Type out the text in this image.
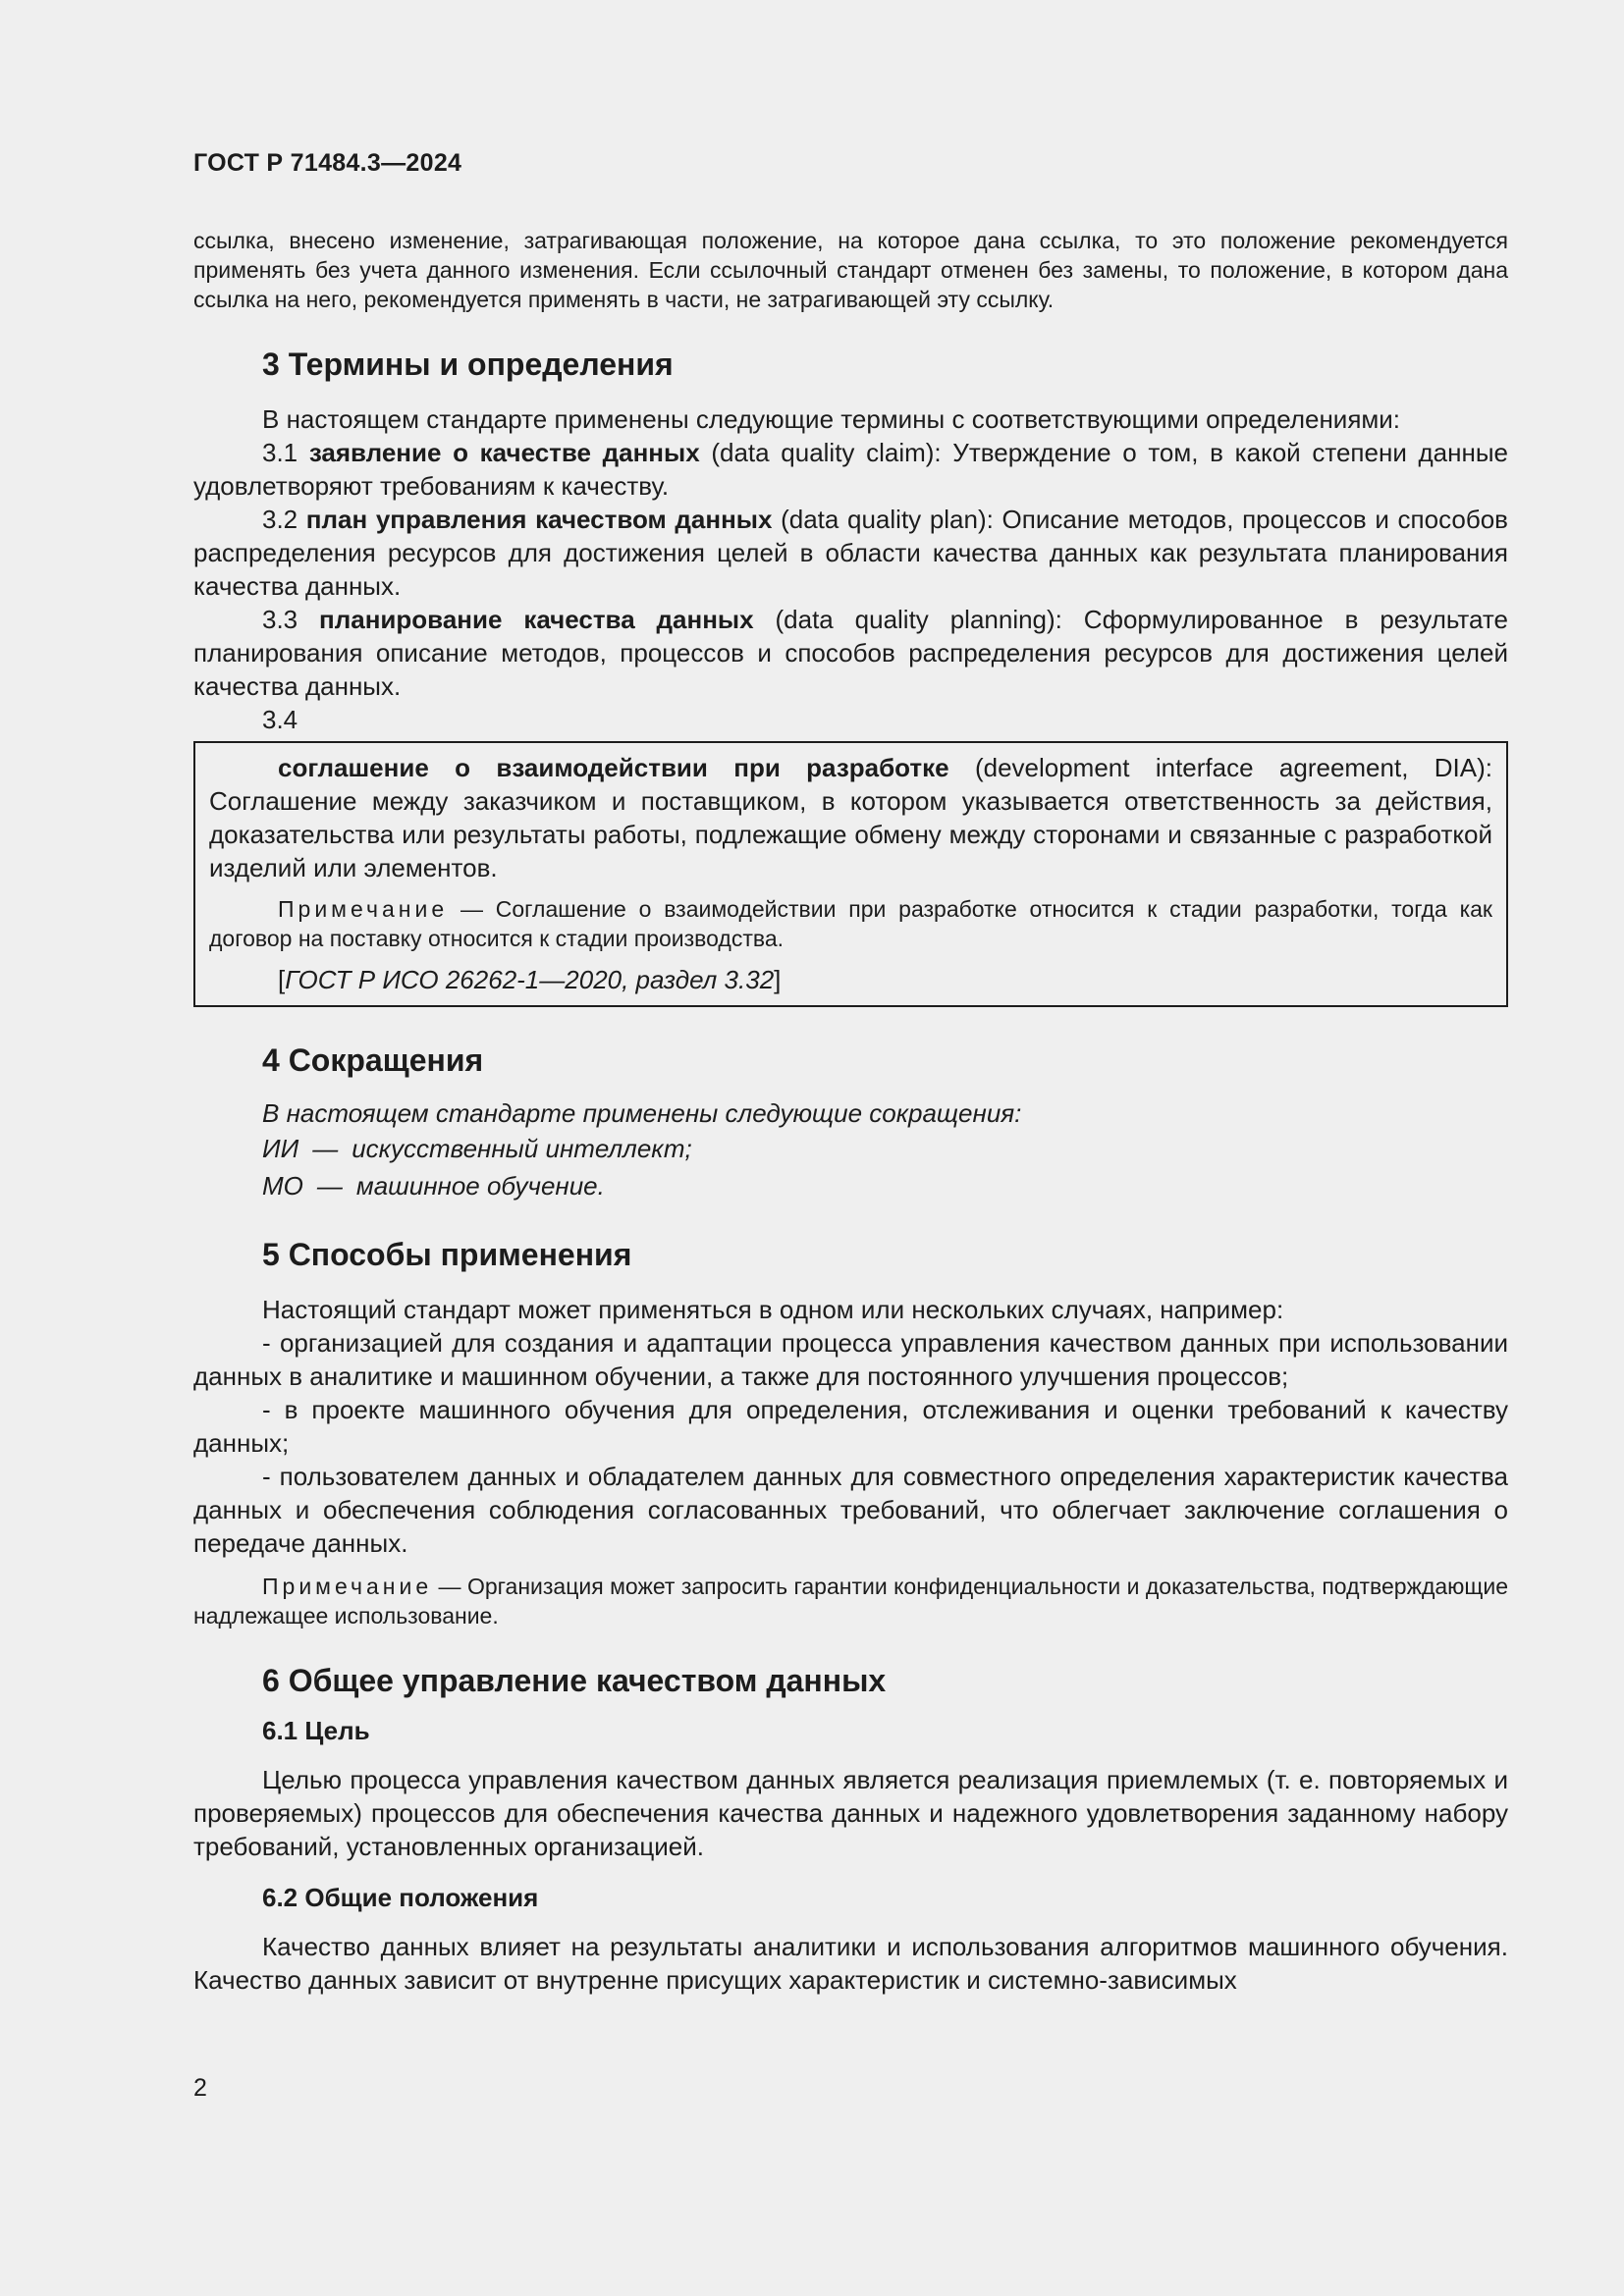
ГОСТ Р 71484.3—2024

ссылка, внесено изменение, затрагивающая положение, на которое дана ссылка, то это положение рекомендуется применять без учета данного изменения. Если ссылочный стандарт отменен без замены, то положение, в котором дана ссылка на него, рекомендуется применять в части, не затрагивающей эту ссылку.

3 Термины и определения

В настоящем стандарте применены следующие термины с соответствующими определениями:

3.1 заявление о качестве данных (data quality claim): Утверждение о том, в какой степени данные удовлетворяют требованиям к качеству.

3.2 план управления качеством данных (data quality plan): Описание методов, процессов и способов распределения ресурсов для достижения целей в области качества данных как результата планирования качества данных.

3.3 планирование качества данных (data quality planning): Сформулированное в результате планирования описание методов, процессов и способов распределения ресурсов для достижения целей качества данных.

3.4

соглашение о взаимодействии при разработке (development interface agreement, DIA): Соглашение между заказчиком и поставщиком, в котором указывается ответственность за действия, доказательства или результаты работы, подлежащие обмену между сторонами и связанные с разработкой изделий или элементов.

Примечание — Соглашение о взаимодействии при разработке относится к стадии разработки, тогда как договор на поставку относится к стадии производства.

[ГОСТ Р ИСО 26262-1—2020, раздел 3.32]

4 Сокращения

В настоящем стандарте применены следующие сокращения:

ИИ — искусственный интеллект;
МО — машинное обучение.
5 Способы применения

Настоящий стандарт может применяться в одном или нескольких случаях, например:

- организацией для создания и адаптации процесса управления качеством данных при использовании данных в аналитике и машинном обучении, а также для постоянного улучшения процессов;

- в проекте машинного обучения для определения, отслеживания и оценки требований к качеству данных;

- пользователем данных и обладателем данных для совместного определения характеристик качества данных и обеспечения соблюдения согласованных требований, что облегчает заключение соглашения о передаче данных.

Примечание — Организация может запросить гарантии конфиденциальности и доказательства, подтверждающие надлежащее использование.

6 Общее управление качеством данных
6.1 Цель

Целью процесса управления качеством данных является реализация приемлемых (т. е. повторяемых и проверяемых) процессов для обеспечения качества данных и надежного удовлетворения заданному набору требований, установленных организацией.

6.2 Общие положения

Качество данных влияет на результаты аналитики и использования алгоритмов машинного обучения. Качество данных зависит от внутренне присущих характеристик и системно-зависимых

2
